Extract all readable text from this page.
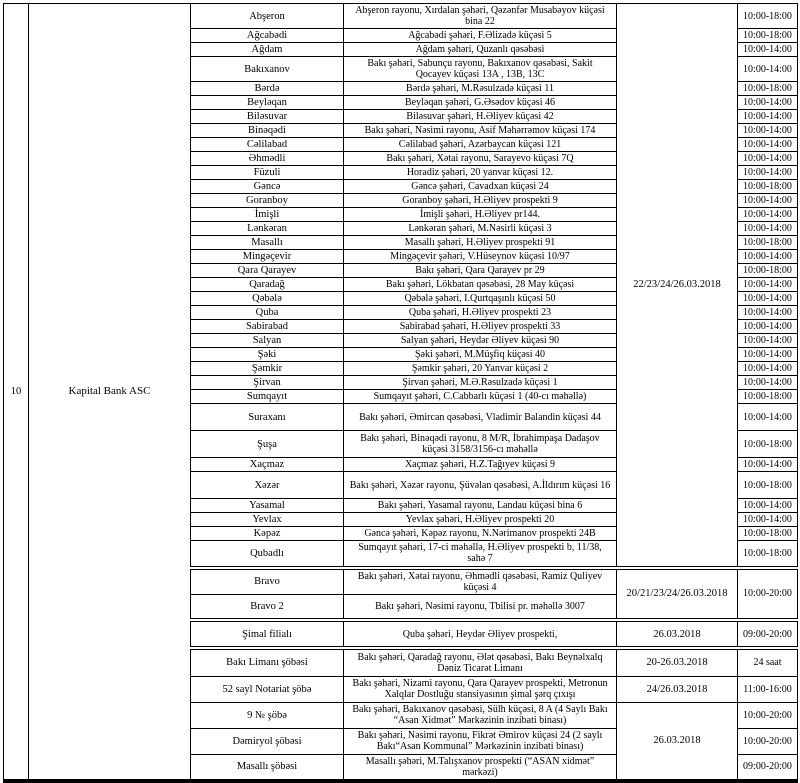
10	Kapital Bank ASC	Abşeron	Abşeron rayonu, Xırdalan şəhəri, Qəzənfər Musabəyov küçəsi bina 22	22/23/24/26.03.2018	10:00-18:00
		Ağcabədi	Ağcabədi şəhəri, F.Əlizadə küçəsi 5		10:00-18:00
		Ağdam	Ağdam şəhəri, Quzanlı qəsəbəsi		10:00-14:00
		Bakıxanov	Bakı şəhəri, Sabunçu rayonu, Bakıxanov qəsəbəsi, Sakit Qocayev küçəsi 13A , 13B, 13C		10:00-14:00
		Bərdə	Bərdə şəhəri, M.Rəsulzadə küçəsi 11		10:00-18:00
		Beyləqan	Beyləqan şəhəri, G.Əsədov küçəsi 46		10:00-14:00
		Biləsuvar	Biləsuvar şəhəri, H.Əliyev küçəsi 42		10:00-14:00
		Binəqədi	Bakı şəhəri, Nəsimi rayonu, Asif Məhərrəmov küçəsi 174		10:00-14:00
		Cəlilabad	Cəlilabad şəhəri, Azərbaycan küçəsi 121		10:00-14:00
		Əhmədli	Bakı şəhəri, Xətai rayonu, Sarayevo küçəsi 7Q		10:00-14:00
		Füzuli	Horadiz şəhəri, 20 yanvar küçəsi 12.		10:00-14:00
		Gəncə	Gəncə şəhəri, Cavadxan küçəsi 24		10:00-18:00
		Goranboy	Goranboy şəhəri, H.Əliyev prospekti 9		10:00-14:00
		İmişli	İmişli şəhəri, H.Əliyev pr144.		10:00-14:00
		Lənkəran	Lənkəran şəhəri, M.Nəsirli küçəsi 3		10:00-14:00
		Masallı	Masallı şəhəri, H.Əliyev prospekti 91		10:00-18:00
		Mingəçevir	Mingəçevir şəhəri, V.Hüseynov küçəsi 10/97		10:00-14:00
		Qara Qarayev	Bakı şəhəri, Qara Qarayev pr 29		10:00-18:00
		Qaradağ	Bakı şəhəri, Lökbatan qəsəbəsi, 28 May küçəsi		10:00-14:00
		Qəbələ	Qəbələ şəhəri, I.Qurtqaşınlı küçəsi 50		10:00-14:00
		Quba	Quba şəhəri, H.Əliyev prospekti 23		10:00-14:00
		Sabirabad	Sabirabad şəhəri, H.Əliyev prospekti 33		10:00-14:00
		Salyan	Salyan şəhəri, Heydər Əliyev küçəsi 90		10:00-14:00
		Şəki	Şəki şəhəri, M.Müşfiq küçəsi 40		10:00-14:00
		Şəmkir	Şəmkir şəhəri, 20 Yanvar küçəsi 2		10:00-14:00
		Şirvan	Şirvan şəhəri, M.Ə.Rəsulzadə küçəsi 1		10:00-14:00
		Sumqayıt	Sumqayıt şəhəri, C.Cabbarlı küçəsi 1 (40-cı məhəllə)		10:00-18:00
		Suraxanı	Bakı şəhəri, Əmircan qəsəbəsi, Vladimir Balandin küçəsi 44		10:00-14:00
		Şuşa	Bakı şəhəri, Binəqədi rayonu, 8 M/R, İbrahimpaşa Dadaşov küçəsi 3158/3156-cı məhəllə		10:00-18:00
		Xaçmaz	Xaçmaz şəhəri, H.Z.Tağıyev küçəsi 9		10:00-14:00
		Xəzər	Bakı şəhəri, Xəzər rayonu, Şüvəlan qəsəbəsi, A.İldırım küçəsi 16		10:00-18:00
		Yasamal	Bakı şəhəri, Yasamal rayonu, Landau küçəsi bina 6		10:00-14:00
		Yevlax	Yevlax şəhəri, H.Əliyev prospekti 20		10:00-14:00
		Kəpəz	Gəncə şəhəri, Kəpəz rayonu, N.Nərimanov prospekti 24B		10:00-18:00
		Qubadlı	Sumqayıt şəhəri, 17-ci məhəllə, H.Əliyev prospekti b, 11/38, sahə 7		10:00-18:00
		Bravo	Bakı şəhəri, Xətai rayonu, Əhmədli qəsəbəsi, Ramiz Quliyev küçəsi 4	20/21/23/24/26.03.2018	10:00-20:00
		Bravo 2	Bakı şəhəri, Nəsimi rayonu, Tbilisi pr. məhəllə 3007		
		Şimal filialı	Quba şəhəri, Heydər Əliyev prospekti,	26.03.2018	09:00-20:00
		Bakı Limanı şöbəsi	Bakı şəhəri, Qaradağ rayonu, Ələt qəsəbəsi, Bakı Beynəlxalq Dəniz Ticarət Limanı	20-26.03.2018	24 saat
		52 sayl Notariat şöbə	Bakı şəhəri, Nizami rayonu, Qara Qarayev prospekti, Metronun Xalqlar Dostluğu stansiyasının şimal şərq çıxışı	24/26.03.2018	11:00-16:00
		9 № şöbə	Bakı şəhəri, Bakıxanov qəsəbəsi, Sülh küçəsi, 8 A (4 Saylı Bakı “Asan Xidmət” Mərkəzinin inzibati binası)	26.03.2018	10:00-20:00
		Dəmiryol şöbəsi	Bakı şəhəri, Nəsimi rayonu, Fikrət Əmirov küçəsi 24 (2 saylı Bakı“Asan Kommunal” Mərkəzinin inzibati binası)		10:00-20:00
		Masallı şöbəsi	Masallı şəhəri, M.Talışxanov prospekti (“ASAN xidmət” mərkəzi)		09:00-20:00
